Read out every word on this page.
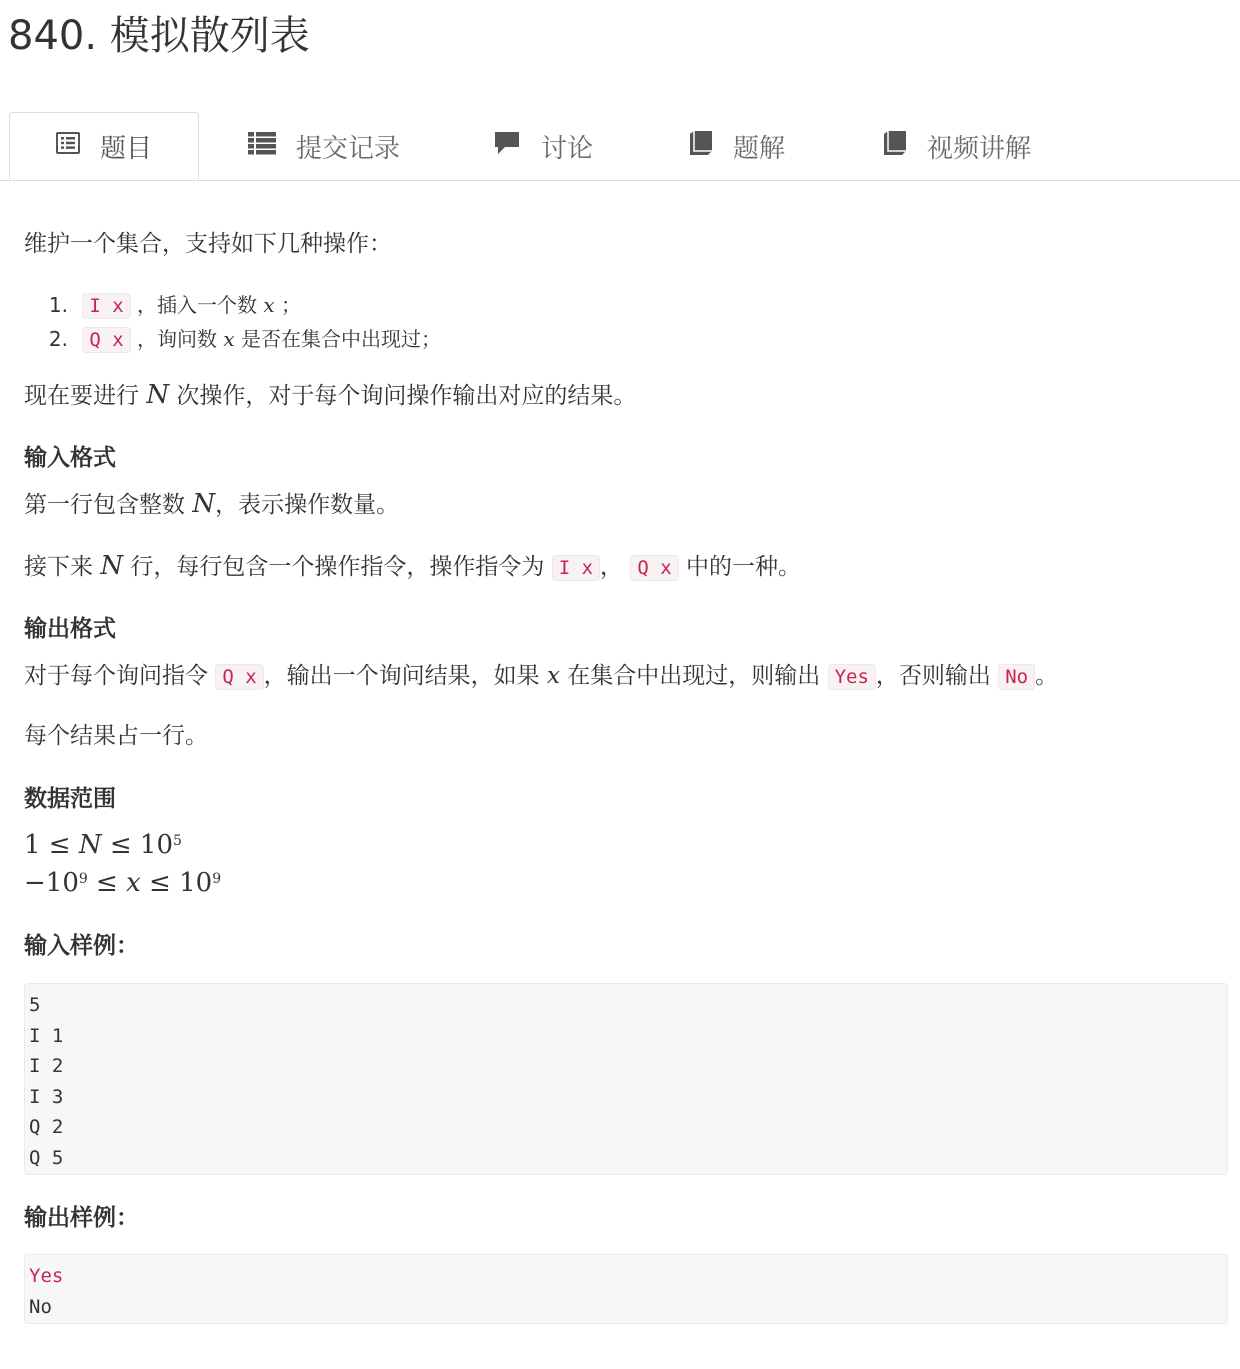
840. 模拟散列表
题目	提交记录	讨论	题解	视频讲解
维护一个集合，支持如下几种操作：
1. I x ，插入一个数 x ；
2. Q x ，询问数 x 是否在集合中出现过；
现在要进行 N 次操作，对于每个询问操作输出对应的结果。
输入格式
第一行包含整数 N，表示操作数量。
接下来 N 行，每行包含一个操作指令，操作指令为 I x ， Q x 中的一种。
输出格式
对于每个询问指令 Q x ，输出一个询问结果，如果 x 在集合中出现过，则输出 Yes ，否则输出 No 。
每个结果占一行。
数据范围
$1 \le N \le 10^5$
$-10^9 \le x \le 10^9$
输入样例：
5
I 1
I 2
I 3
Q 2
Q 5
输出样例：
Yes
No
